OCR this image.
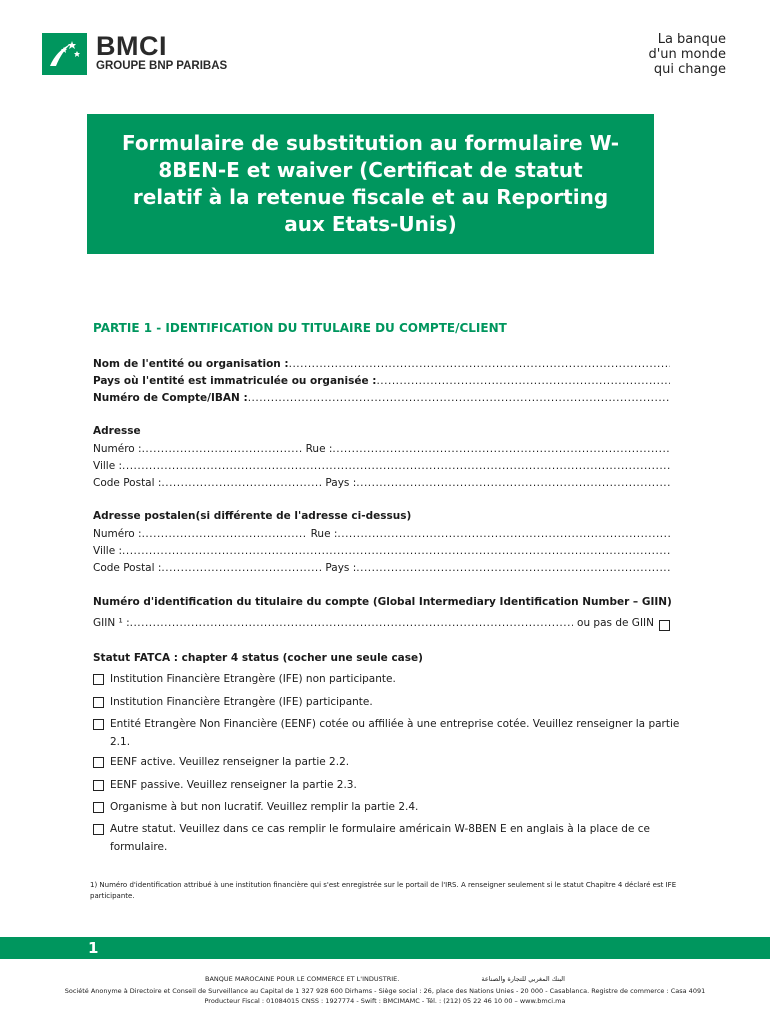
BMCI
GROUPE BNP PARIBAS
La banque
d'un monde
qui change
Formulaire de substitution au formulaire W-8BEN-E et waiver (Certificat de statut relatif à la retenue fiscale et au Reporting aux Etats-Unis)
PARTIE 1 - IDENTIFICATION DU TITULAIRE DU COMPTE/CLIENT
Nom de l'entité ou organisation :
.....
Pays où l'entité est immatriculée ou organisée :
.....
Numéro de Compte/IBAN :
.....
Adresse
Numéro : .....	Rue :
.....
Ville :
.....
Code Postal : .....	Pays :
.....
Adresse postalen(si différente de l'adresse ci-dessus)
Numéro : .....	Rue :
.....
Ville :
.....
Code Postal : .....	Pays :
.....
Numéro d'identification du titulaire du compte (Global Intermediary Identification Number – GIIN)
GIIN ¹ : .....	ou pas de GIIN
Statut FATCA : chapter 4 status (cocher une seule case)
Institution Financière Etrangère (IFE) non participante.
Institution Financière Etrangère (IFE) participante.
Entité Etrangère Non Financière (EENF) cotée ou affiliée à une entreprise cotée. Veuillez renseigner la partie 2.1.
EENF active. Veuillez renseigner la partie 2.2.
EENF passive. Veuillez renseigner la partie 2.3.
Organisme à but non lucratif. Veuillez remplir la partie 2.4.
Autre statut. Veuillez dans ce cas remplir le formulaire américain W-8BEN E en anglais à la place de ce formulaire.
1) Numéro d'identification attribué à une institution financière qui s'est enregistrée sur le portail de l'IRS. A renseigner seulement si le statut Chapitre 4 déclaré est IFE participante.
1
BANQUE MAROCAINE POUR LE COMMERCE ET L'INDUSTRIE.	البنك المغربي للتجارة والصناعة
Société Anonyme à Directoire et Conseil de Surveillance au Capital de 1 327 928 600 Dirhams - Siège social : 26, place des Nations Unies - 20 000 - Casablanca. Registre de commerce : Casa 4091
Producteur Fiscal : 01084015 CNSS : 1927774 - Swift : BMCIMAMC - Tél. : (212) 05 22 46 10 00 – www.bmci.ma
